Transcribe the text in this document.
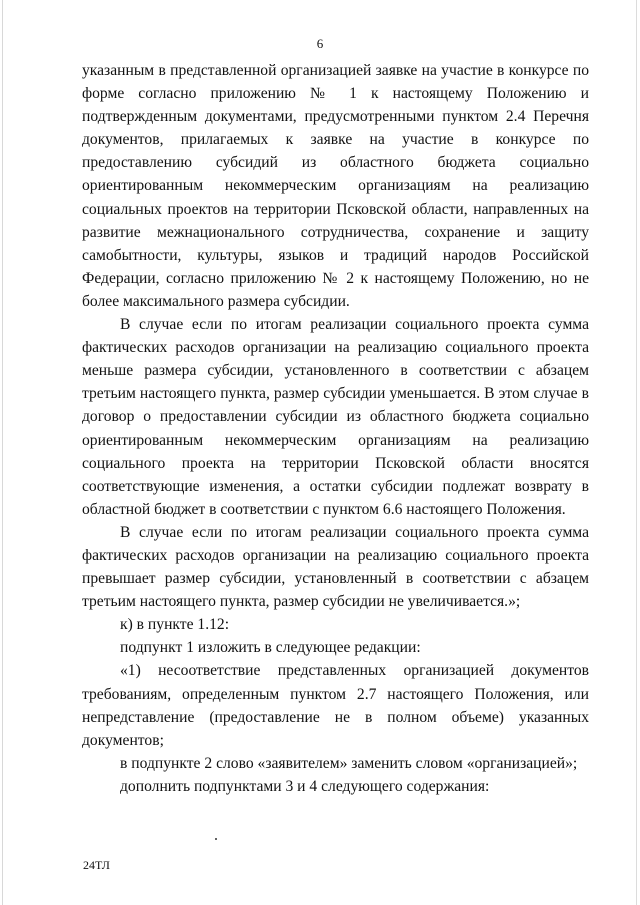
6

указанным в представленной организацией заявке на участие в конкурсе по форме согласно приложению № 1 к настоящему Положению и подтвержденным документами, предусмотренными пунктом 2.4 Перечня документов, прилагаемых к заявке на участие в конкурсе по предоставлению субсидий из областного бюджета социально ориентированным некоммерческим организациям на реализацию социальных проектов на территории Псковской области, направленных на развитие межнационального сотрудничества, сохранение и защиту самобытности, культуры, языков и традиций народов Российской Федерации, согласно приложению № 2 к настоящему Положению, но не более максимального размера субсидии.

В случае если по итогам реализации социального проекта сумма фактических расходов организации на реализацию социального проекта меньше размера субсидии, установленного в соответствии с абзацем третьим настоящего пункта, размер субсидии уменьшается. В этом случае в договор о предоставлении субсидии из областного бюджета социально ориентированным некоммерческим организациям на реализацию социального проекта на территории Псковской области вносятся соответствующие изменения, а остатки субсидии подлежат возврату в областной бюджет в соответствии с пунктом 6.6 настоящего Положения.

В случае если по итогам реализации социального проекта сумма фактических расходов организации на реализацию социального проекта превышает размер субсидии, установленный в соответствии с абзацем третьим настоящего пункта, размер субсидии не увеличивается.»;

к) в пункте 1.12:

подпункт 1 изложить в следующее редакции:

«1) несоответствие представленных организацией документов требованиям, определенным пунктом 2.7 настоящего Положения, или непредставление (предоставление не в полном объеме) указанных документов;

в подпункте 2 слово «заявителем» заменить словом «организацией»;

дополнить подпунктами 3 и 4 следующего содержания:

24ТЛ
